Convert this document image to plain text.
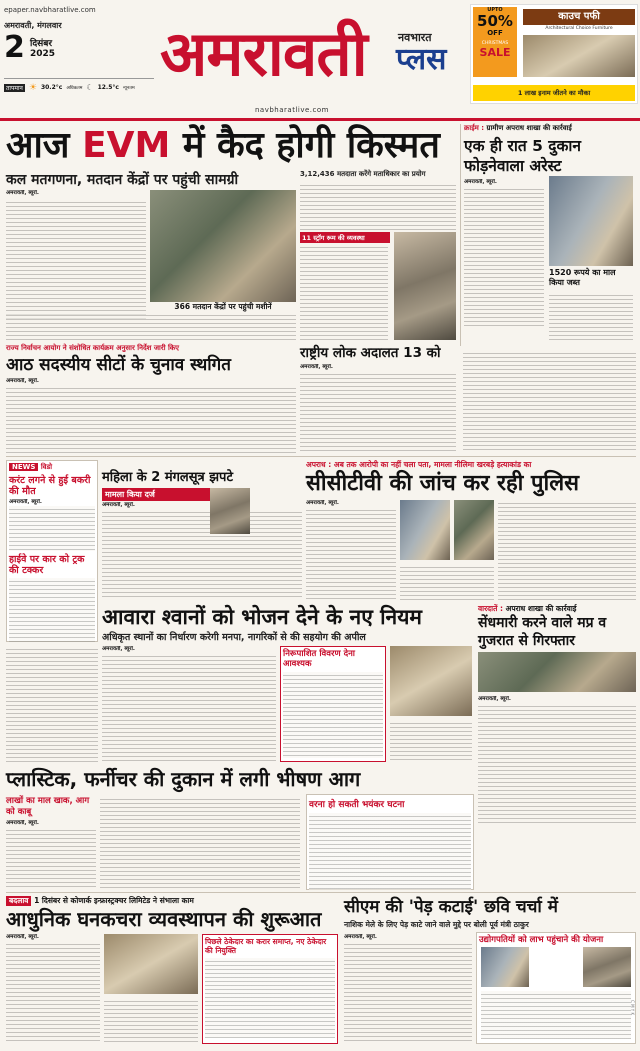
epaper.navbharatlive.com
अमरावती, मंगलवार
2 दिसंबर
2025
तापमान ☀ 30.2°c अधिकतम ☾ 12.5°c न्यूनतम अमरावती	नवभारत
प्लस
navbharatlive.com
UPTO
50%
OFF
CHRISTMAS
SALE
काउच पफी
Architectural Choice Furniture
1 लाख इनाम जीतने का मौका
आज EVM में कैद होगी किस्मत
कल मतगणना, मतदान केंद्रों पर पहुंची सामग्री
अमरावती, ब्यूरो.
366 मतदान केंद्रों पर पहुंची मशीनें
3,12,436 मतदाता करेंगे मताधिकार का प्रयोग
11 स्ट्रॉग रूम की व्यवस्था
क्राईम : ग्रामीण अपराध शाखा की कार्रवाई
एक ही रात 5 दुकान फोड़नेवाला अरेस्ट
अमरावती, ब्यूरो.
1520 रूपये का माल किया जब्त
राज्य निर्वाचन आयोग ने संशोधित कार्यक्रम अनुसार निर्देश जारी किए
आठ सदस्यीय सीटों के चुनाव स्थगित
अमरावती, ब्यूरो.
राष्ट्रीय लोक अदालत 13 को
अमरावती, ब्यूरो.
NEWS विडो
करंट लगने से हुई बकरी की मौत
अमरावती, ब्यूरो.
हाईवे पर कार को ट्रक की टक्कर
महिला के 2 मंगलसूत्र झपटे
मामला किया दर्ज
अमरावती, ब्यूरो.
अपराध : अब तक आरोपी का नहीं चला पता, मामला नीलिमा खरबड़े हत्याकांड का
सीसीटीवी की जांच कर रही पुलिस
अमरावती, ब्यूरो.
आवारा श्वानों को भोजन देने के नए नियम
अधिकृत स्थानों का निर्धारण करेगी मनपा, नागरिकों से की सहयोग की अपील
अमरावती, ब्यूरो.	निरूपाशित विवरण देना आवश्यक
वारदातें : अपराध शाखा की कार्रवाई
सेंधमारी करने वाले मप्र व गुजरात से गिरफ्तार
अमरावती, ब्यूरो.
प्लास्टिक, फर्नीचर की दुकान में लगी भीषण आग
लाखों का माल खाक, आग को काबू
अमरावती, ब्यूरो.
वरना हो सकती भयंकर घटना
बदलाव 1 दिसंबर से कोणार्क इन्फ्रास्ट्रक्चर लिमिटेड ने संभाला काम
आधुनिक घनकचरा व्यवस्थापन की शुरूआत
अमरावती, ब्यूरो.	पिछले ठेकेदार का करार समाप्त, नए ठेकेदार की नियुक्ति
सीएम की 'पेड़ कटाई' छवि चर्चा में
नाशिक मेले के लिए पेड़ काटे जाने वाले मुद्दे पर बोली पूर्व मंत्री ठाकुर
अमरावती, ब्यूरो.	उद्योगपतियों को लाभ पहुंचाने की योजना
C M Y K
